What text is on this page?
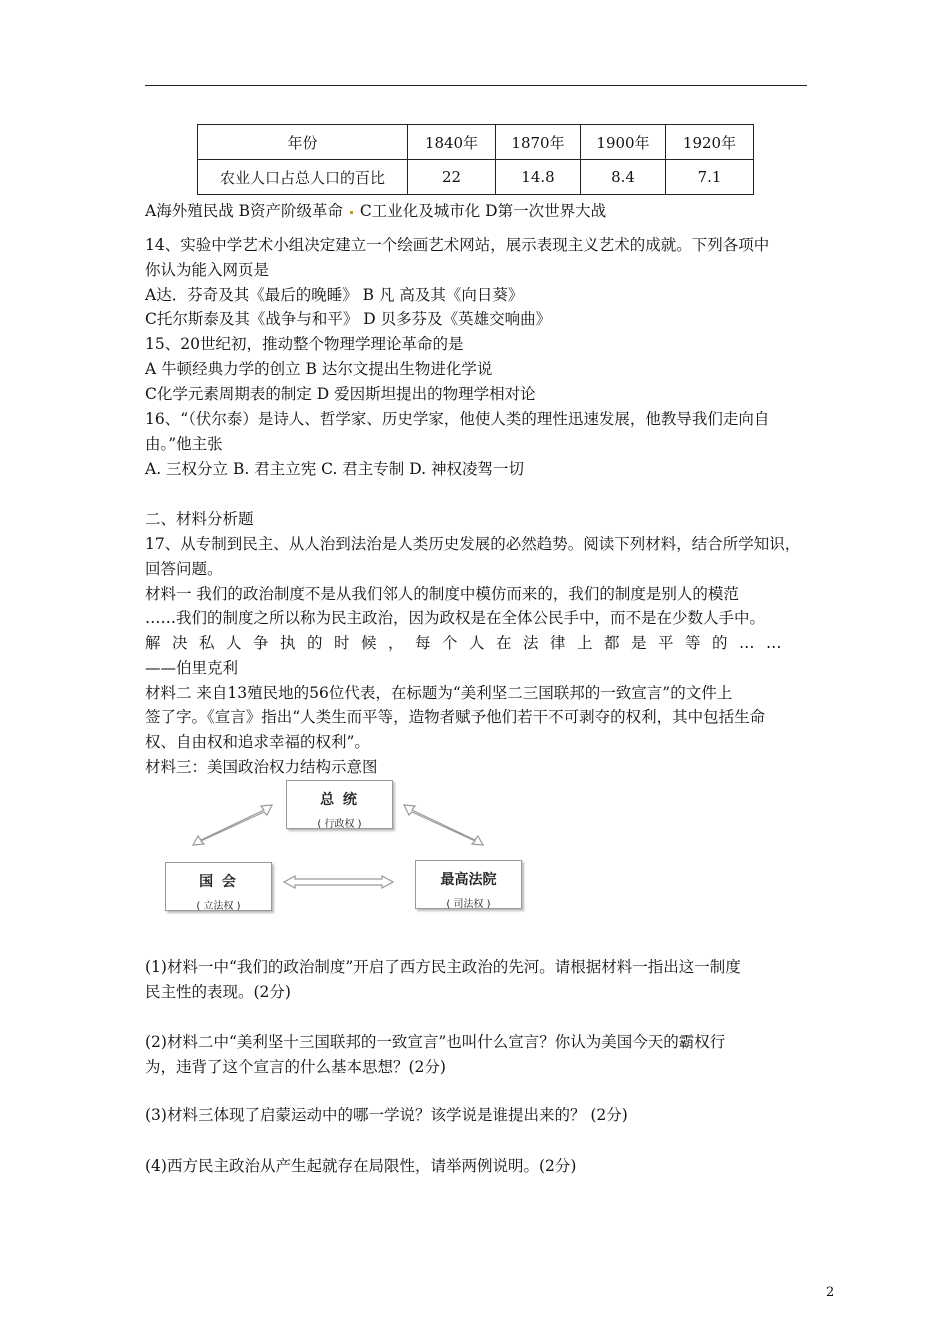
年份	1840年	1870年	1900年	1920年
农业人口占总人口的百比	22	14.8	8.4	7.1
A海外殖民战 B资产阶级革命 C工业化及城市化 D第一次世界大战
14、实验中学艺术小组决定建立一个绘画艺术网站，展示表现主义艺术的成就。下列各项中
你认为能入网页是
A达．芬奇及其《最后的晚睡》 B 凡 高及其《向日葵》
C托尔斯泰及其《战争与和平》 D 贝多芬及《英雄交响曲》
15、20世纪初，推动整个物理学理论革命的是
A 牛顿经典力学的创立 B 达尔文提出生物进化学说
C化学元素周期表的制定 D 爱因斯坦提出的物理学相对论
16、“（伏尔泰）是诗人、哲学家、历史学家，他使人类的理性迅速发展，他教导我们走向自
由。”他主张
A. 三权分立 B. 君主立宪 C. 君主专制 D. 神权凌驾一切
二、材料分析题
17、从专制到民主、从人治到法治是人类历史发展的必然趋势。阅读下列材料，结合所学知识，
回答问题。
材料一 我们的政治制度不是从我们邻人的制度中模仿而来的，我们的制度是别人的模范
……我们的制度之所以称为民主政治，因为政权是在全体公民手中，而不是在少数人手中。
解决私人争执的时候，每个人在法律上都是平等的……
——伯里克利
材料二 来自13殖民地的56位代表，在标题为“美利坚二三国联邦的一致宣言”的文件上
签了字。《宣言》指出“人类生而平等，造物者赋予他们若干不可剥夺的权利，其中包括生命
权、自由权和追求幸福的权利”。
材料三：美国政治权力结构示意图
总 统
( 行政权 )
国 会
( 立法权 )
最高法院
( 司法权 )
(1)材料一中“我们的政治制度”开启了西方民主政治的先河。请根据材料一指出这一制度
民主性的表现。(2分)
(2)材料二中“美利坚十三国联邦的一致宣言”也叫什么宣言？你认为美国今天的霸权行
为，违背了这个宣言的什么基本思想？(2分)
(3)材料三体现了启蒙运动中的哪一学说？该学说是谁提出来的？ (2分)
(4)西方民主政治从产生起就存在局限性，请举两例说明。(2分)
2
